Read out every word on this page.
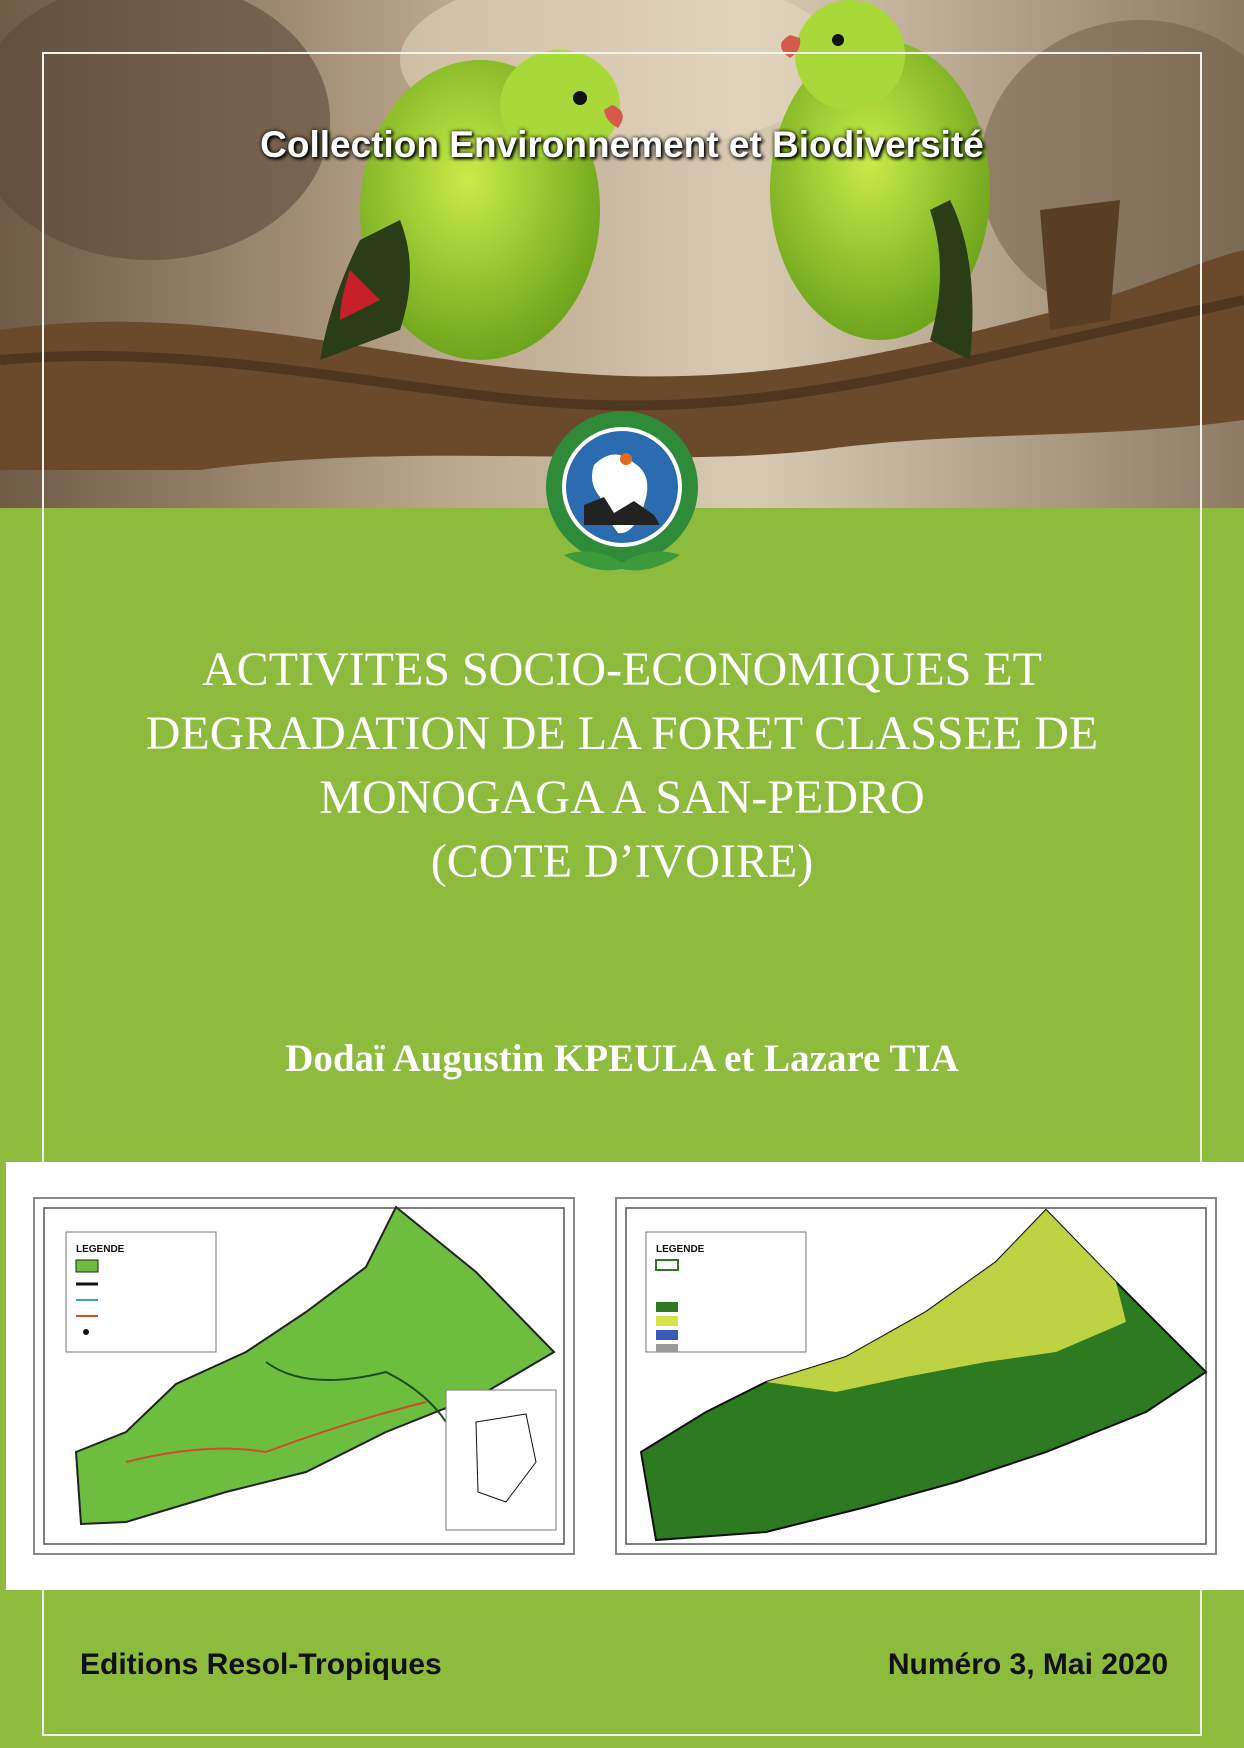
Collection Environnement et Biodiversité
ACTIVITES SOCIO-ECONOMIQUES ET
DEGRADATION DE LA FORET CLASSEE DE
MONOGAGA A SAN-PEDRO
(COTE D’IVOIRE)
Dodaï Augustin KPEULA et Lazare TIA
LEGENDE	LEGENDE
Editions Resol-Tropiques	Numéro 3, Mai 2020
